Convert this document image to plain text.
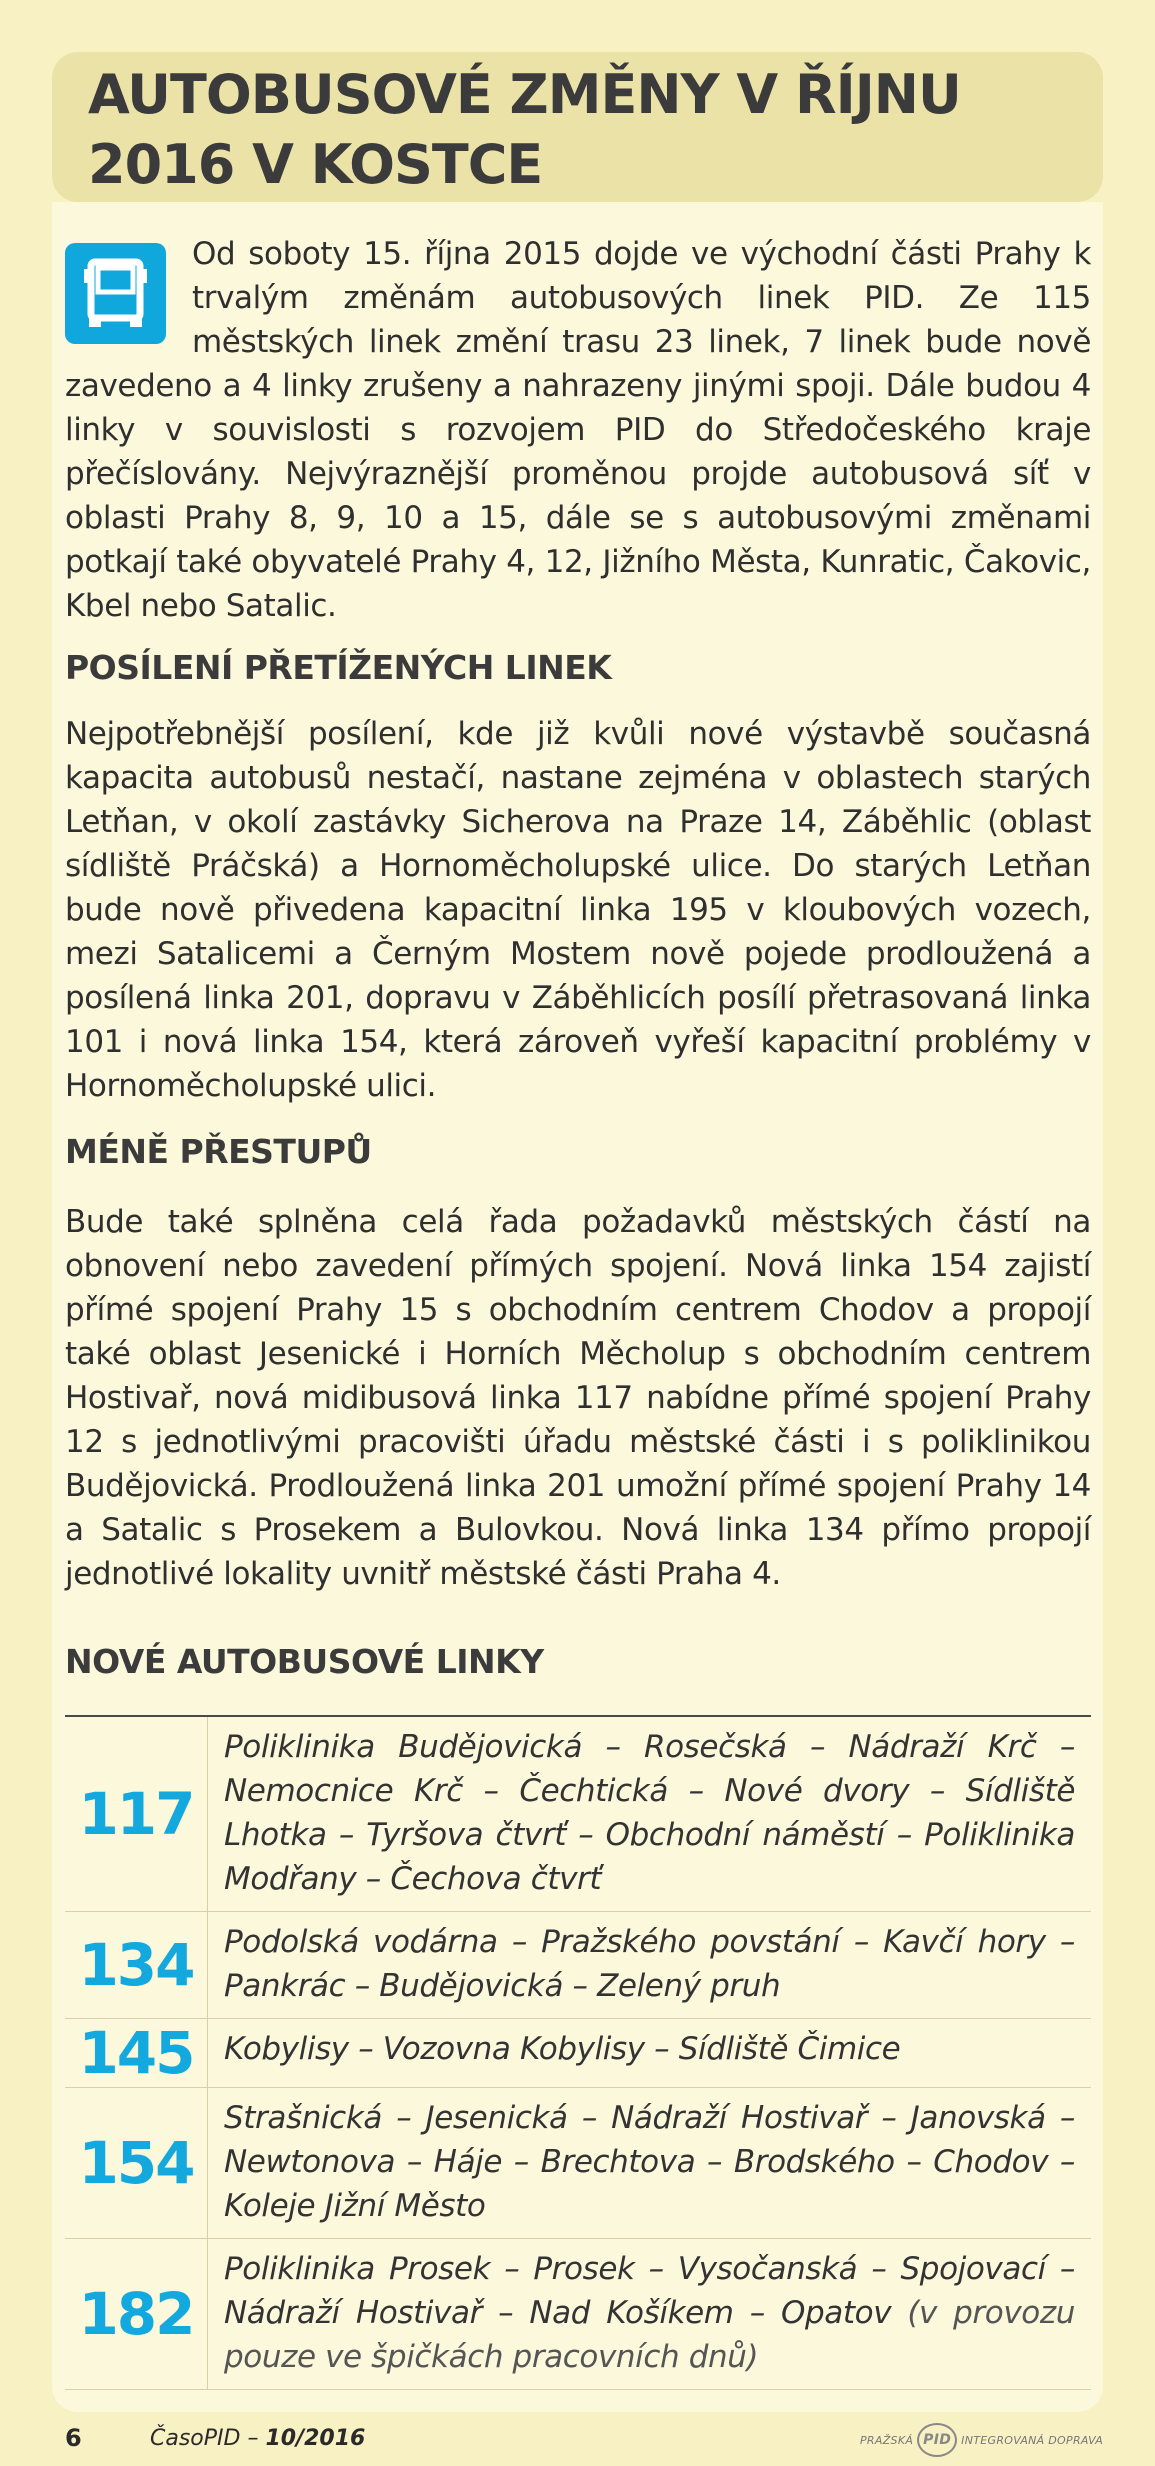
AUTOBUSOVÉ ZMĚNY V ŘÍJNU 2016 V KOSTCE
Od soboty 15. října 2015 dojde ve východní části Prahy k trvalým změnám autobusových linek PID. Ze 115 městských linek změní trasu 23 linek, 7 linek bude nově zavedeno a 4 linky zrušeny a nahrazeny jinými spoji. Dále budou 4 linky v souvislosti s rozvojem PID do Středočeského kraje přečíslovány. Nejvýraznější proměnou projde autobusová síť v oblasti Prahy 8, 9, 10 a 15, dále se s autobusovými změnami potkají také obyvatelé Prahy 4, 12, Jižního Města, Kunratic, Čakovic, Kbel nebo Satalic.
POSÍLENÍ PŘETÍŽENÝCH LINEK
Nejpotřebnější posílení, kde již kvůli nové výstavbě současná kapacita autobusů nestačí, nastane zejména v oblastech starých Letňan, v okolí zastávky Sicherova na Praze 14, Záběhlic (oblast sídliště Práčská) a Hornoměcholupské ulice. Do starých Letňan bude nově přivedena kapacitní linka 195 v kloubových vozech, mezi Satalicemi a Černým Mostem nově pojede prodloužená a posílená linka 201, dopravu v Záběhlicích posílí přetrasovaná linka 101 i nová linka 154, která zároveň vyřeší kapacitní problémy v Hornoměcholupské ulici.
MÉNĚ PŘESTUPŮ
Bude také splněna celá řada požadavků městských částí na obnovení nebo zavedení přímých spojení. Nová linka 154 zajistí přímé spojení Prahy 15 s obchodním centrem Chodov a propojí také oblast Jesenické i Horních Měcholup s obchodním centrem Hostivař, nová midibusová linka 117 nabídne přímé spojení Prahy 12 s jednotlivými pracovišti úřadu městské části i s poliklinikou Budějovická. Prodloužená linka 201 umožní přímé spojení Prahy 14 a Satalic s Prosekem a Bulovkou. Nová linka 134 přímo propojí jednotlivé lokality uvnitř městské části Praha 4.
NOVÉ AUTOBUSOVÉ LINKY
117
Poliklinika Budějovická – Rosečská – Nádraží Krč – Nemocnice Krč – Čechtická – Nové dvory – Sídliště Lhotka – Tyršova čtvrť – Obchodní náměstí – Poliklinika Modřany – Čechova čtvrť
134 Podolská vodárna – Pražského povstání – Kavčí hory – Pankrác – Budějovická – Zelený pruh
145 Kobylisy – Vozovna Kobylisy – Sídliště Čimice
154
Strašnická – Jesenická – Nádraží Hostivař – Janovská – Newtonova – Háje – Brechtova – Brodského – Chodov – Koleje Jižní Město
182
Poliklinika Prosek – Prosek – Vysočanská – Spojovací – Nádraží Hostivař – Nad Košíkem – Opatov (v provozu pouze ve špičkách pracovních dnů)
6	ČasoPID – 10/2016	PRAŽSKÁ PID INTEGROVANÁ DOPRAVA
